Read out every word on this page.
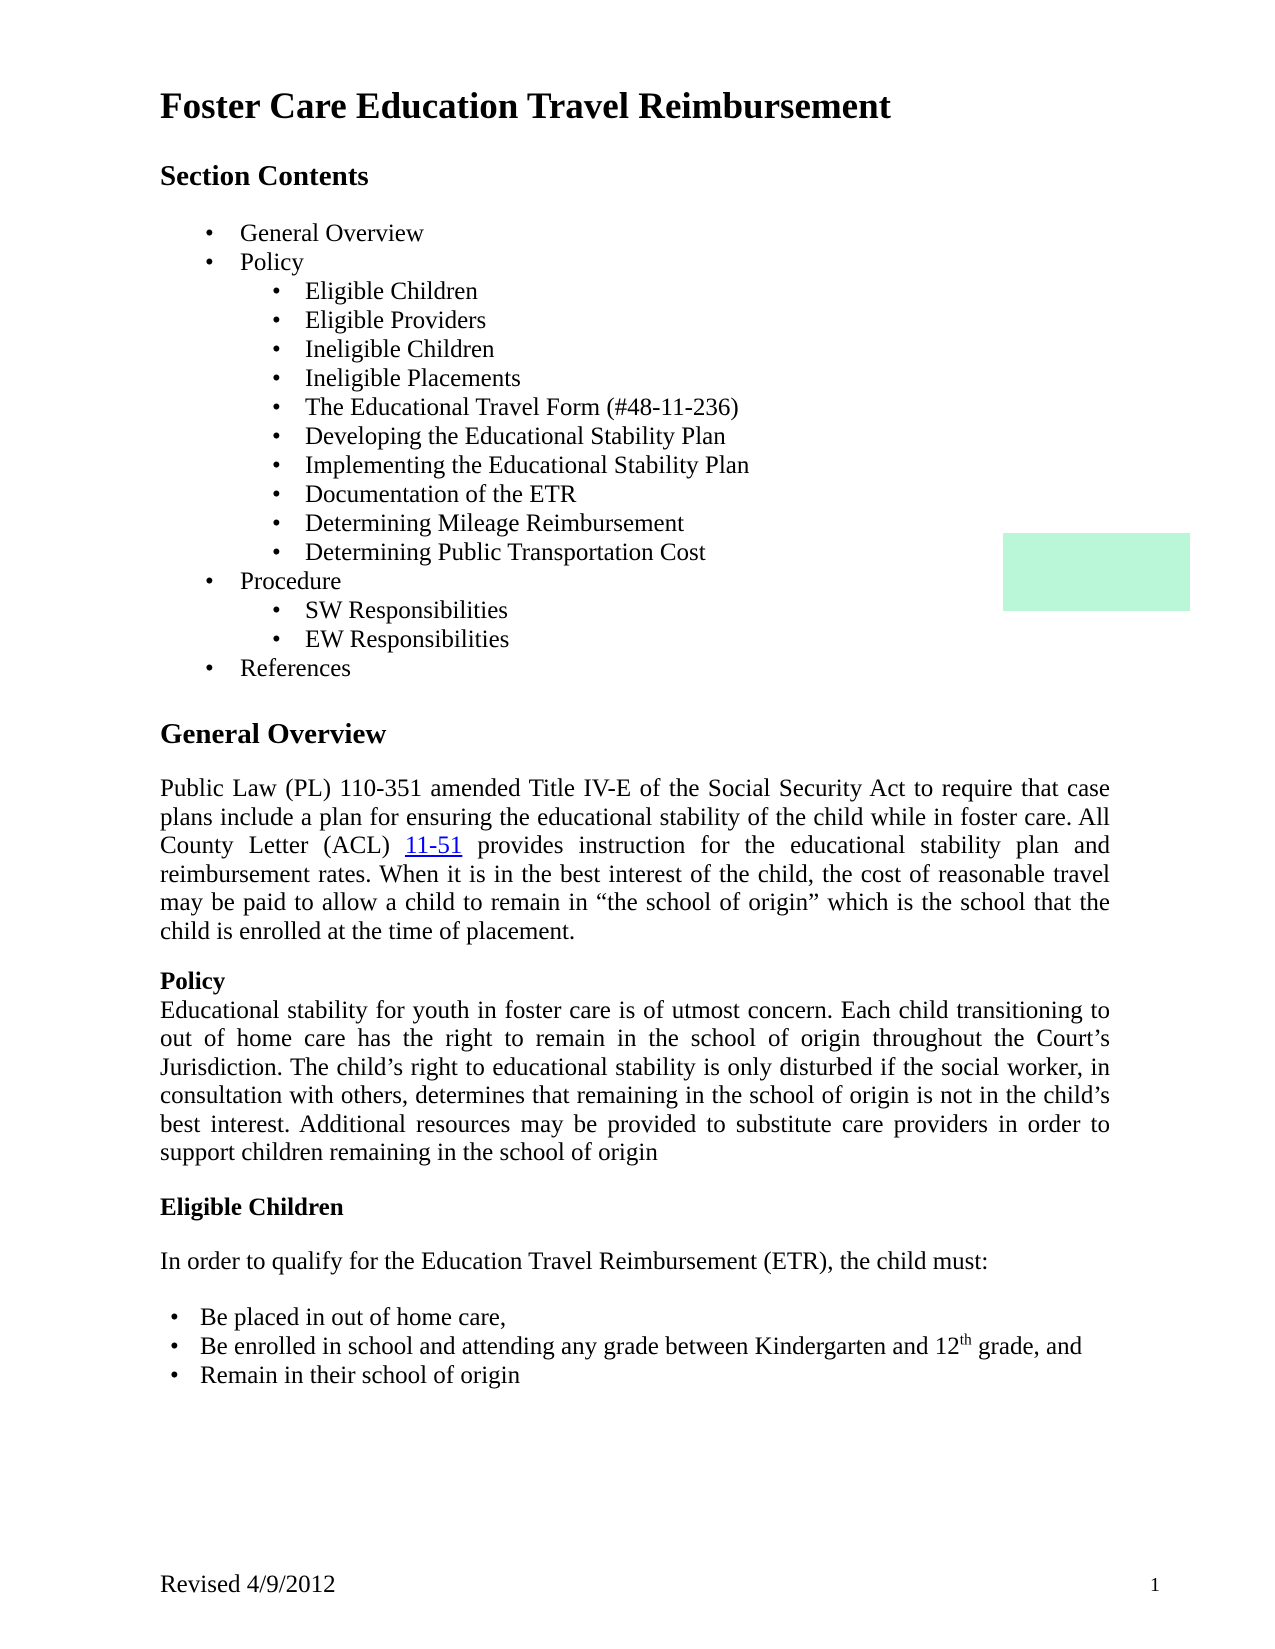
Foster Care Education Travel Reimbursement
Section Contents
• General Overview
• Policy
• Eligible Children
• Eligible Providers
• Ineligible Children
• Ineligible Placements
• The Educational Travel Form (#48-11-236)
• Developing the Educational Stability Plan
• Implementing the Educational Stability Plan
• Documentation of the ETR
• Determining Mileage Reimbursement
• Determining Public Transportation Cost
• Procedure
• SW Responsibilities
• EW Responsibilities
• References
General Overview

Public Law (PL) 110-351 amended Title IV-E of the Social Security Act to require that case plans include a plan for ensuring the educational stability of the child while in foster care. All County Letter (ACL) 11-51 provides instruction for the educational stability plan and reimbursement rates. When it is in the best interest of the child, the cost of reasonable travel may be paid to allow a child to remain in “the school of origin” which is the school that the child is enrolled at the time of placement.

Policy

Educational stability for youth in foster care is of utmost concern. Each child transitioning to out of home care has the right to remain in the school of origin throughout the Court’s Jurisdiction. The child’s right to educational stability is only disturbed if the social worker, in consultation with others, determines that remaining in the school of origin is not in the child’s best interest. Additional resources may be provided to substitute care providers in order to support children remaining in the school of origin

Eligible Children
In order to qualify for the Education Travel Reimbursement (ETR), the child must:
• Be placed in out of home care,
• Be enrolled in school and attending any grade between Kindergarten and 12th grade, and
• Remain in their school of origin
Revised 4/9/2012	1
